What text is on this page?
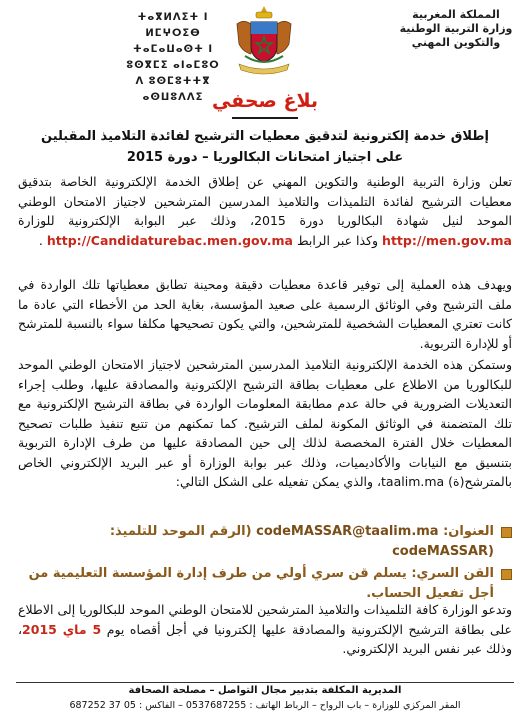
المملكة المغربية
وزارة التربية الوطنية
والتكوين المهني
ⵜⴰⴳⵍⴷⵉⵜ ⵏ ⵍⵎⵖⵔⵉⴱ
ⵜⴰⵎⴰⵡⴰⵙⵜ ⵏ ⵓⵙⴳⵎⵉ ⴰⵏⴰⵎⵓⵔ
ⴷ ⵓⵙⵎⵓⵜⵜⴳ ⴰⵙⵡⵓⴷⴷⵉ بلاغ صحفي
إطلاق خدمة إلكترونية لتدقيق معطيات الترشيح لفائدة التلاميذ المقبلين
على اجتياز امتحانات البكالوريا – دورة 2015
تعلن وزارة التربية الوطنية والتكوين المهني عن إطلاق الخدمة الإلكترونية الخاصة بتدقيق معطيات الترشيح لفائدة التلميذات والتلاميذ المدرسين المترشحين لاجتياز الامتحان الوطني الموحد لنيل شهادة البكالوريا دورة 2015، وذلك عبر البوابة الإلكترونية للوزارة http://men.gov.ma وكذا عبر الرابط http://Candidaturebac.men.gov.ma .
ويهدف هذه العملية إلى توفير قاعدة معطيات دقيقة ومحينة تطابق معطياتها تلك الواردة في ملف الترشيح وفي الوثائق الرسمية على صعيد المؤسسة، بغاية الحد من الأخطاء التي عادة ما كانت تعتري المعطيات الشخصية للمترشحين، والتي يكون تصحيحها مكلفا سواء بالنسبة للمترشح أو للإدارة التربوية.
وستمكن هذه الخدمة الإلكترونية التلاميذ المدرسين المترشحين لاجتياز الامتحان الوطني الموحد للبكالوريا من الاطلاع على معطيات بطاقة الترشيح الإلكترونية والمصادقة عليها، وطلب إجراء التعديلات الضرورية في حالة عدم مطابقة المعلومات الواردة في بطاقة الترشيح الإلكترونية مع تلك المتضمنة في الوثائق المكونة لملف الترشيح. كما تمكنهم من تتبع تنفيذ طلبات تصحيح المعطيات خلال الفترة المخصصة لذلك إلى حين المصادقة عليها من طرف الإدارة التربوية بتنسيق مع النيابات والأكاديميات، وذلك عبر بوابة الوزارة أو عبر البريد الإلكتروني الخاص بالمترشح(ة) taalim.ma، والذي يمكن تفعيله على الشكل التالي:
العنوان: codeMASSAR@taalim.ma (الرقم الموحد للتلميذ: codeMASSAR)
القن السري: يسلم قن سري أولي من طرف إدارة المؤسسة التعليمية من أجل تفعيل الحساب.
وتدعو الوزارة كافة التلميذات والتلاميذ المترشحين للامتحان الوطني الموحد للبكالوريا إلى الاطلاع على بطاقة الترشيح الإلكترونية والمصادقة عليها إلكترونيا في أجل أقصاه يوم 5 ماي 2015، وذلك عبر نفس البريد الإلكتروني.
المديرية المكلفة بتدبير مجال التواصل – مصلحة الصحافة
المقر المركزي للوزارة – باب الرواح – الرباط الهاتف : 0537687255 – الفاكس : 05 37 687252
